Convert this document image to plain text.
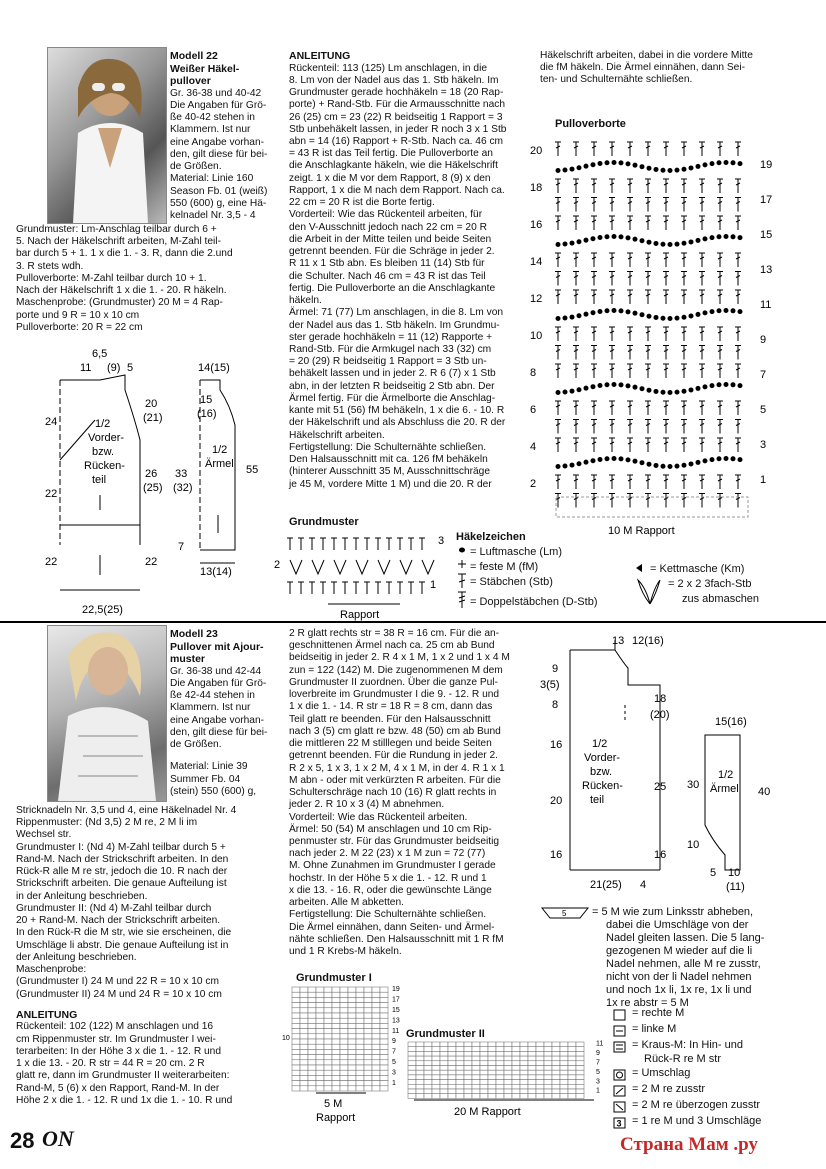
Modell 22
Weißer Häkel-
pullover
Gr. 36-38 und 40-42
Die Angaben für Grö-
ße 40-42 stehen in
Klammern. Ist nur
eine Angabe vorhan-
den, gilt diese für bei-
de Größen.
Material: Linie 160
Season Fb. 01 (weiß)
550 (600) g, eine Hä-
kelnadel Nr. 3,5 - 4
Grundmuster: Lm-Anschlag teilbar durch 6 +
5. Nach der Häkelschrift arbeiten, M-Zahl teil-
bar durch 5 + 1. 1 x die 1. - 3. R, dann die 2.und
3. R stets wdh.
Pulloverborte: M-Zahl teilbar durch 10 + 1.
Nach der Häkelschrift 1 x die 1. - 20. R häkeln.
Maschenprobe: (Grundmuster) 20 M = 4 Rap-
porte und 9 R = 10 x 10 cm
Pulloverborte: 20 R = 22 cm
6,5
11 (9) 5	14(15)
24
22
22
1/2
Vorder-
bzw.
Rücken-
teil
20
(21)
26
(25)
22
22,5(25)
15
(16)
33
(32)
7
1/2
Ärmel 55
13(14)
ANLEITUNG
Rückenteil: 113 (125) Lm anschlagen, in die
8. Lm von der Nadel aus das 1. Stb häkeln. Im
Grundmuster gerade hochhäkeln = 18 (20 Rap-
porte) + Rand-Stb. Für die Armausschnitte nach
26 (25) cm = 23 (22) R beidseitig 1 Rapport = 3
Stb unbehäkelt lassen, in jeder R noch 3 x 1 Stb
abn = 14 (16) Rapport + R-Stb. Nach ca. 46 cm
= 43 R ist das Teil fertig. Die Pulloverborte an
die Anschlagkante häkeln, wie die Häkelschrift
zeigt. 1 x die M vor dem Rapport, 8 (9) x den
Rapport, 1 x die M nach dem Rapport. Nach ca.
22 cm = 20 R ist die Borte fertig.
Vorderteil: Wie das Rückenteil arbeiten, für
den V-Ausschnitt jedoch nach 22 cm = 20 R
die Arbeit in der Mitte teilen und beide Seiten
getrennt beenden. Für die Schräge in jeder 2.
R 11 x 1 Stb abn. Es bleiben 11 (14) Stb für
die Schulter. Nach 46 cm = 43 R ist das Teil
fertig. Die Pulloverborte an die Anschlagkante
häkeln.
Ärmel: 71 (77) Lm anschlagen, in die 8. Lm von
der Nadel aus das 1. Stb häkeln. Im Grundmu-
ster gerade hochhäkeln = 11 (12) Rapporte +
Rand-Stb. Für die Armkugel nach 33 (32) cm
= 20 (29) R beidseitig 1 Rapport = 3 Stb un-
behäkelt lassen und in jeder 2. R 6 (7) x 1 Stb
abn, in der letzten R beidseitig 2 Stb abn. Der
Ärmel fertig. Für die Ärmelborte die Anschlag-
kante mit 51 (56) fM behäkeln, 1 x die 6. - 10. R
der Häkelschrift und als Abschluss die 20. R der
Häkelschrift arbeiten.
Fertigstellung: Die Schulternähte schließen.
Den Halsausschnitt mit ca. 126 fM behäkeln
(hinterer Ausschnitt 35 M, Ausschnittschräge
je 45 M, vordere Mitte 1 M) und die 20. R der
Häkelschrift arbeiten, dabei in die vordere Mitte
die fM häkeln. Die Ärmel einnähen, dann Sei-
ten- und Schulternähte schließen.
Pulloverborte
20
18
16
14
12
10
8
6
4
2
19
17
15
13
11
9
7
5
3
1
10 M Rapport
Grundmuster
3
2
1
Rapport
Häkelzeichen
= Luftmasche (Lm)
= feste M (fM)
= Stäbchen (Stb)
= Doppelstäbchen (D-Stb)
= Kettmasche (Km)
= 2 x 2 3fach-Stb
zus abmaschen
Modell 23
Pullover mit Ajour-
muster
Gr. 36-38 und 42-44
Die Angaben für Grö-
ße 42-44 stehen in
Klammern. Ist nur
eine Angabe vorhan-
den, gilt diese für bei-
de Größen.
Material: Linie 39
Summer Fb. 04
(stein) 550 (600) g,
Stricknadeln Nr. 3,5 und 4, eine Häkelnadel Nr. 4
Rippenmuster: (Nd 3,5) 2 M re, 2 M li im
Wechsel str.
Grundmuster I: (Nd 4) M-Zahl teilbar durch 5 +
Rand-M. Nach der Strickschrift arbeiten. In den
Rück-R alle M re str, jedoch die 10. R nach der
Strickschrift arbeiten. Die genaue Aufteilung ist
in der Anleitung beschrieben.
Grundmuster II: (Nd 4) M-Zahl teilbar durch
20 + Rand-M. Nach der Strickschrift arbeiten.
In den Rück-R die M str, wie sie erscheinen, die
Umschläge li abstr. Die genaue Aufteilung ist in
der Anleitung beschrieben.
Maschenprobe:
(Grundmuster I) 24 M und 22 R = 10 x 10 cm
(Grundmuster II) 24 M und 24 R = 10 x 10 cm
ANLEITUNG
Rückenteil: 102 (122) M anschlagen und 16
cm Rippenmuster str. Im Grundmuster I wei-
terarbeiten: In der Höhe 3 x die 1. - 12. R und
1 x die 13. - 20. R str = 44 R = 20 cm. 2 R
glatt re, dann im Grundmuster II weiterarbeiten:
Rand-M, 5 (6) x den Rapport, Rand-M. In der
Höhe 2 x die 1. - 12. R und 1x die 1. - 10. R und
2 R glatt rechts str = 38 R = 16 cm. Für die an-
geschnittenen Ärmel nach ca. 25 cm ab Bund
beidseitig in jeder 2. R 4 x 1 M, 1 x 2 und 1 x 4 M
zun = 122 (142) M. Die zugenommenen M dem
Grundmuster II zuordnen. Über die ganze Pul-
loverbreite im Grundmuster I die 9. - 12. R und
1 x die 1. - 14. R str = 18 R = 8 cm, dann das
Teil glatt re beenden. Für den Halsausschnitt
nach 3 (5) cm glatt re bzw. 48 (50) cm ab Bund
die mittleren 22 M stilllegen und beide Seiten
getrennt beenden. Für die Rundung in jeder 2.
R 2 x 5, 1 x 3, 1 x 2 M, 4 x 1 M, in der 4. R 1 x 1
M abn - oder mit verkürzten R arbeiten. Für die
Schulterschräge nach 10 (16) R glatt rechts in
jeder 2. R 10 x 3 (4) M abnehmen.
Vorderteil: Wie das Rückenteil arbeiten.
Ärmel: 50 (54) M anschlagen und 10 cm Rip-
penmuster str. Für das Grundmuster beidseitig
nach jeder 2. M 22 (23) x 1 M zun = 72 (77)
M. Ohne Zunahmen im Grundmuster I gerade
hochstr. In der Höhe 5 x die 1. - 12. R und 1
x die 13. - 16. R, oder die gewünschte Länge
arbeiten. Alle M abketten.
Fertigstellung: Die Schulternähte schließen.
Die Ärmel einnähen, dann Seiten- und Ärmel-
nähte schließen. Den Halsausschnitt mit 1 R fM
und 1 R Krebs-M häkeln.
Grundmuster I
19
17
15
13
11
9
7
5
3
1
10
5 M
Rapport
Grundmuster II
11
9
7
5
3
1
20 M Rapport
13 12(16)
9
3(5)
8
16
20
16
1/2
Vorder-
bzw.
Rücken-
teil
18
(20)
25
16
21(25) 4
15(16)
30
10
1/2
Ärmel 40
5 10
(11)
5 = 5 M wie zum Linksstr abheben,
dabei die Umschläge von der
Nadel gleiten lassen. Die 5 lang-
gezogenen M wieder auf die li
Nadel nehmen, alle M re zusstr,
nicht von der li Nadel nehmen
und noch 1x li, 1x re, 1x li und
1x re abstr = 5 M
3
= rechte M
= linke M
= Kraus-M: In Hin- und
Rück-R re M str
= Umschlag
= 2 M re zusstr
= 2 M re überzogen zusstr
= 1 re M und 3 Umschläge
28 ON	Страна Мам .ру
